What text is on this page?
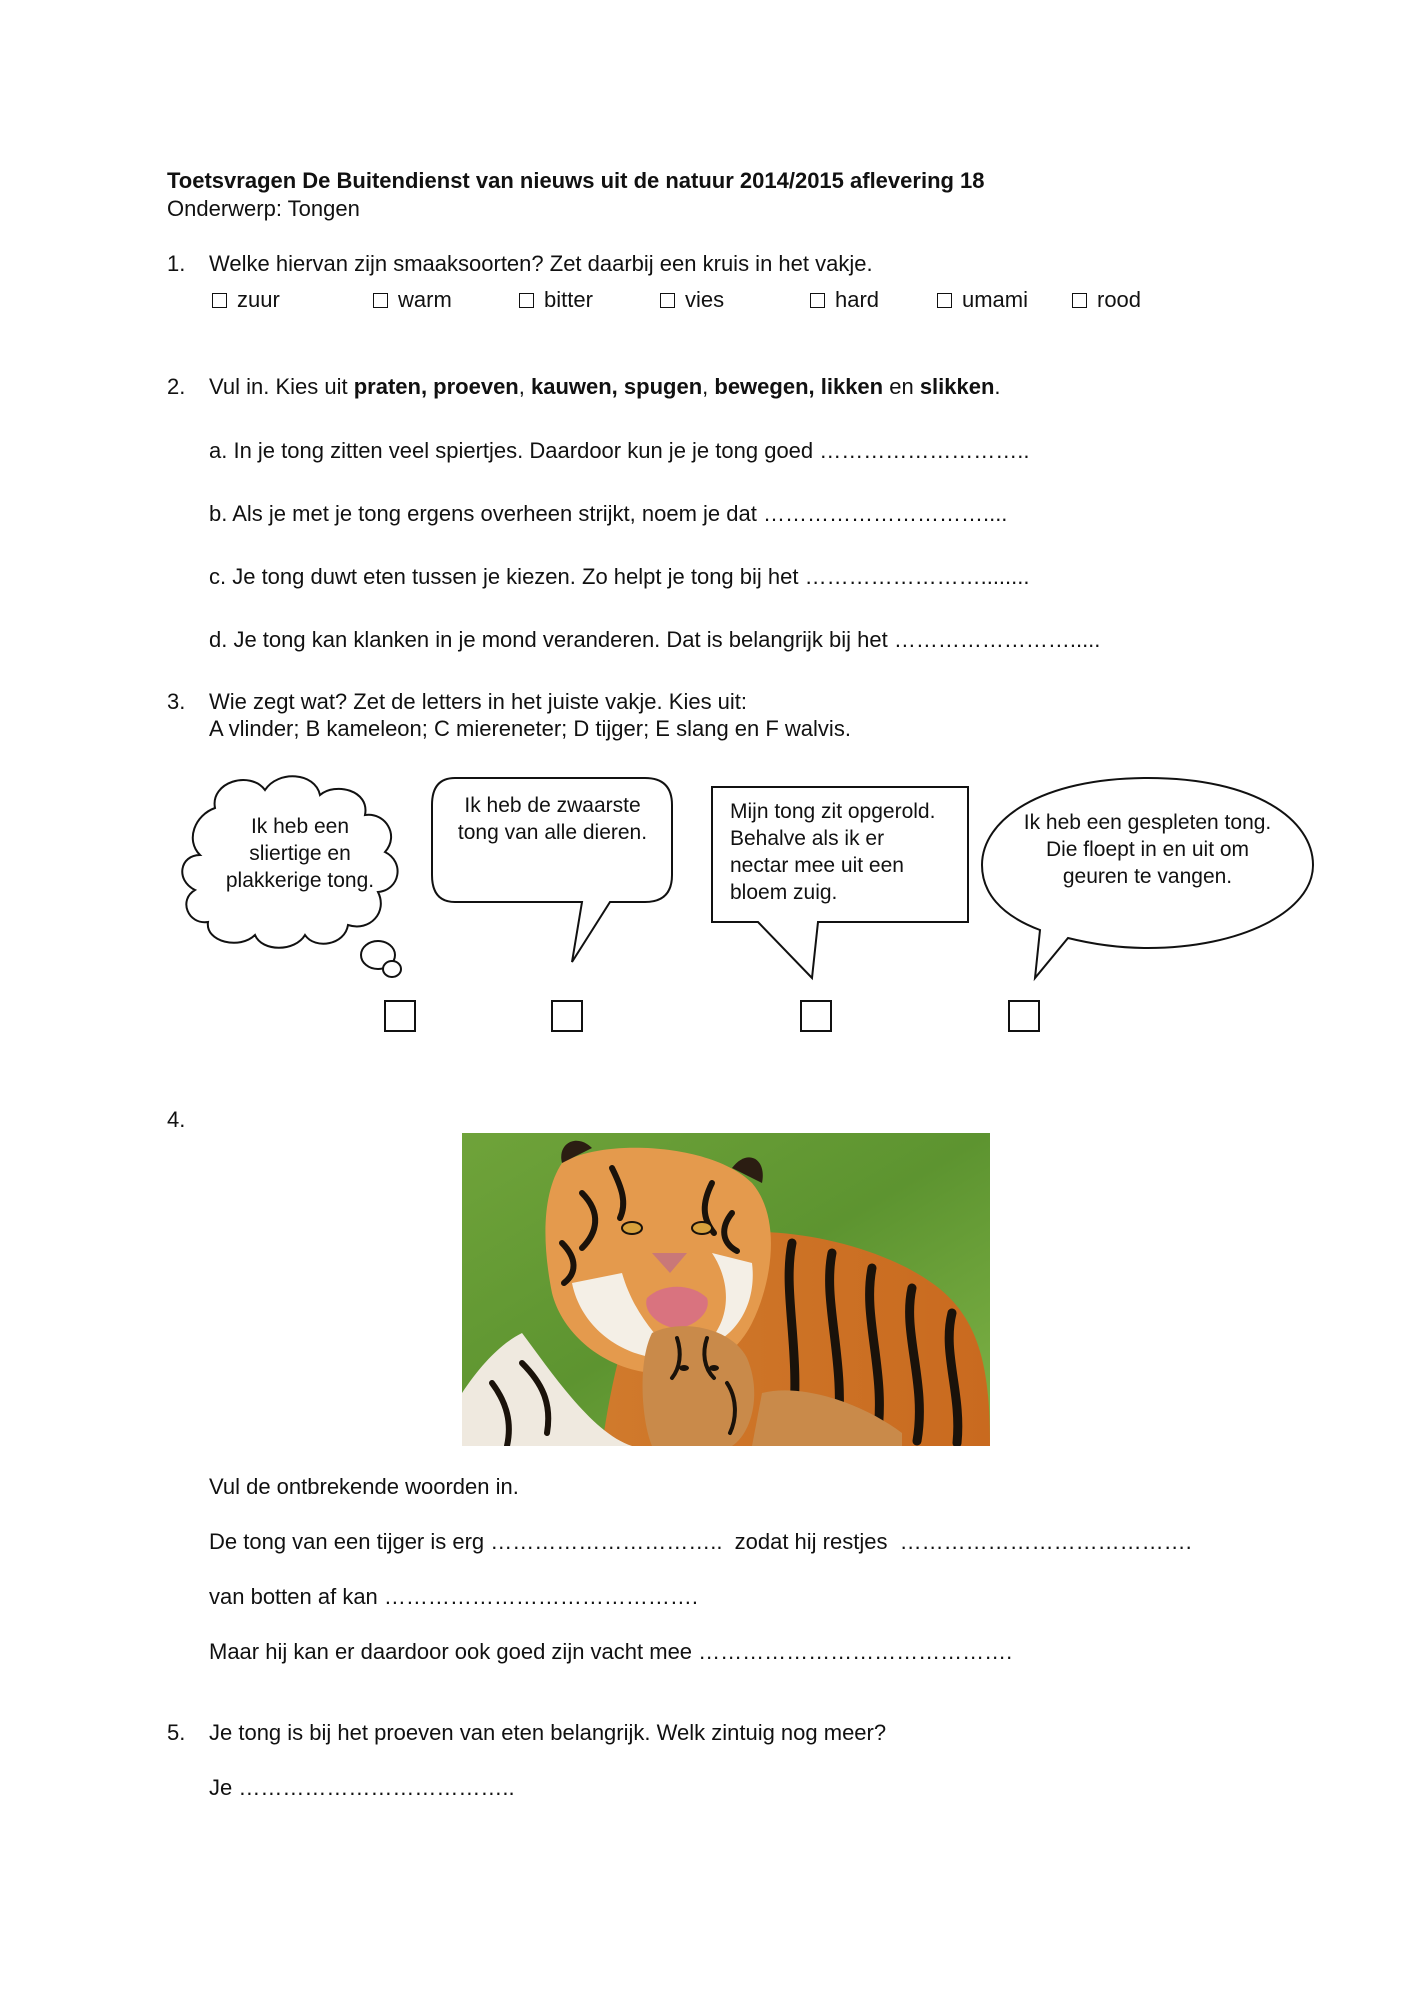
Toetsvragen De Buitendienst van nieuws uit de natuur 2014/2015 aflevering 18
Onderwerp: Tongen
1. Welke hiervan zijn smaaksoorten? Zet daarbij een kruis in het vakje.
zuur	warm	bitter	vies	hard	umami	rood
2. Vul in. Kies uit praten, proeven, kauwen, spugen, bewegen, likken en slikken.
a. In je tong zitten veel spiertjes. Daardoor kun je je tong goed ………………………..
b. Als je met je tong ergens overheen strijkt, noem je dat …………………………....
c. Je tong duwt eten tussen je kiezen. Zo helpt je tong bij het ……………………........
d. Je tong kan klanken in je mond veranderen. Dat is belangrijk bij het …………………….....
3. Wie zegt wat? Zet de letters in het juiste vakje. Kies uit:
A vlinder; B kameleon; C miereneter; D tijger; E slang en F walvis.
Ik heb een sliertige en plakkerige tong.
Ik heb de zwaarste tong van alle dieren.
Mijn tong zit opgerold. Behalve als ik er nectar mee uit een bloem zuig.
Ik heb een gespleten tong. Die floept in en uit om geuren te vangen.
4.
Vul de ontbrekende woorden in.
De tong van een tijger is erg ………………………….. zodat hij restjes ………………………………….
van botten af kan …………………………………….
Maar hij kan er daardoor ook goed zijn vacht mee …………………………………….
5. Je tong is bij het proeven van eten belangrijk. Welk zintuig nog meer?
Je ………………………………..
